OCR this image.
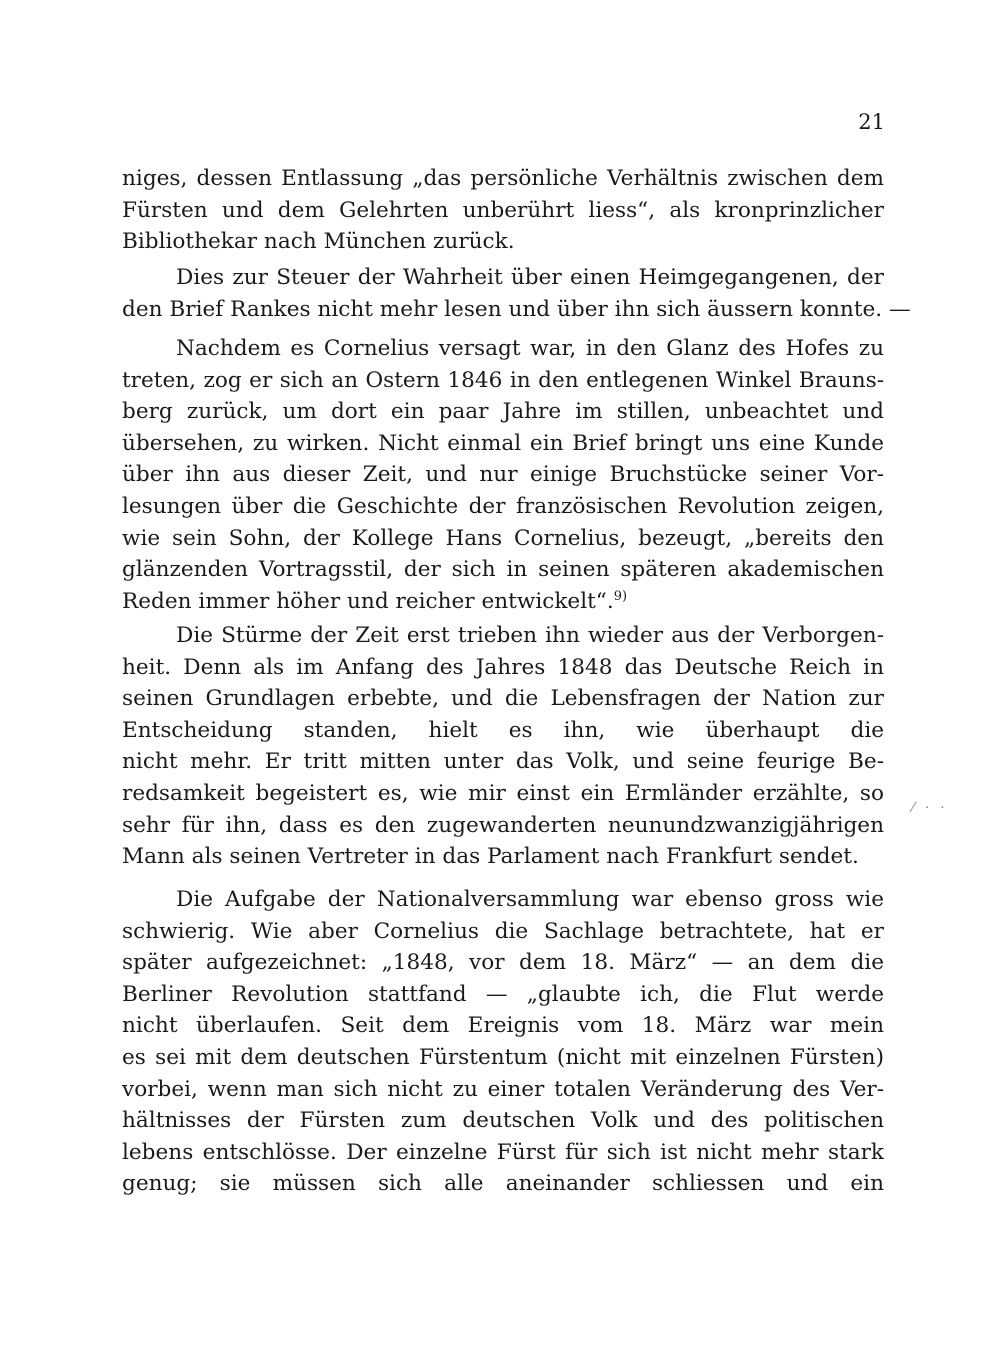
21
niges, dessen Entlassung „das persönliche Verhältnis zwischen dem
Fürsten und dem Gelehrten unberührt liess“, als kronprinzlicher
Bibliothekar nach München zurück.
Dies zur Steuer der Wahrheit über einen Heimgegangenen, der
den Brief Rankes nicht mehr lesen und über ihn sich äussern konnte. —
Nachdem es Cornelius versagt war, in den Glanz des Hofes zu
treten, zog er sich an Ostern 1846 in den entlegenen Winkel Brauns-
berg zurück, um dort ein paar Jahre im stillen, unbeachtet und
übersehen, zu wirken. Nicht einmal ein Brief bringt uns eine Kunde
über ihn aus dieser Zeit, und nur einige Bruchstücke seiner Vor-
lesungen über die Geschichte der französischen Revolution zeigen,
wie sein Sohn, der Kollege Hans Cornelius, bezeugt, „bereits den
glänzenden Vortragsstil, der sich in seinen späteren akademischen
Reden immer höher und reicher entwickelt“.$^{9)}$
Die Stürme der Zeit erst trieben ihn wieder aus der Verborgen-
heit. Denn als im Anfang des Jahres 1848 das Deutsche Reich in
seinen Grundlagen erbebte, und die Lebensfragen der Nation zur
Entscheidung standen, hielt es ihn, wie überhaupt die
nicht mehr. Er tritt mitten unter das Volk, und seine feurige Be-
redsamkeit begeistert es, wie mir einst ein Ermländer erzählte, so
sehr für ihn, dass es den zugewanderten neunundzwanzigjährigen
Mann als seinen Vertreter in das Parlament nach Frankfurt sendet.
Die Aufgabe der Nationalversammlung war ebenso gross wie
schwierig. Wie aber Cornelius die Sachlage betrachtete, hat er
später aufgezeichnet: „1848, vor dem 18. März“ — an dem die
Berliner Revolution stattfand — „glaubte ich, die Flut werde
nicht überlaufen. Seit dem Ereignis vom 18. März war mein
es sei mit dem deutschen Fürstentum (nicht mit einzelnen Fürsten)
vorbei, wenn man sich nicht zu einer totalen Veränderung des Ver-
hältnisses der Fürsten zum deutschen Volk und des politischen
lebens entschlösse. Der einzelne Fürst für sich ist nicht mehr stark
genug; sie müssen sich alle aneinander schliessen und ein
⁄ ⋅ ⋅
